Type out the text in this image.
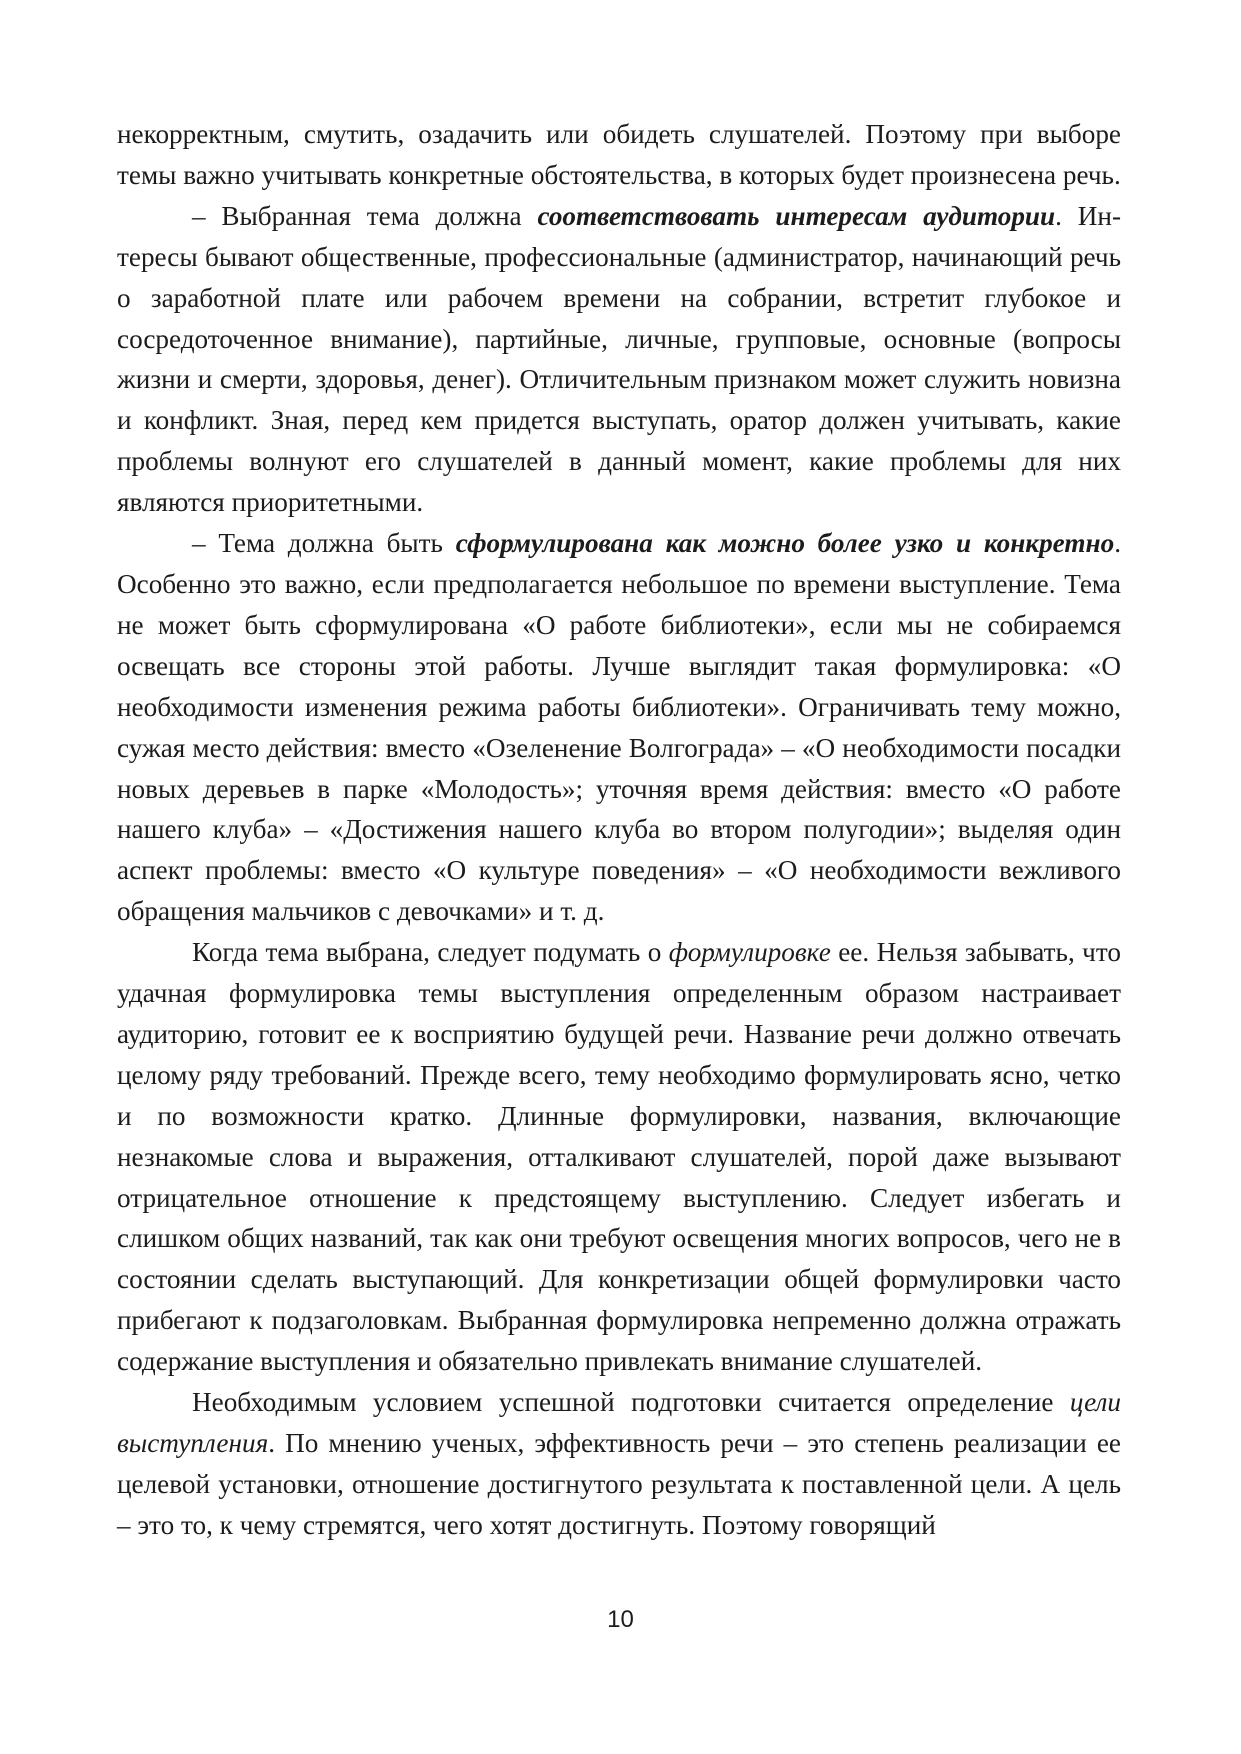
некорректным, смутить, озадачить или обидеть слушателей. Поэтому при выборе темы важно учитывать конкретные обстоятельства, в которых будет произнесена речь.

– Выбранная тема должна соответствовать интересам аудитории. Интересы бывают общественные, профессиональные (администратор, начинающий речь о заработной плате или рабочем времени на собрании, встретит глубокое и сосредоточенное внимание), партийные, личные, групповые, основные (вопросы жизни и смерти, здоровья, денег). Отличительным признаком может служить новизна и конфликт. Зная, перед кем придется выступать, оратор должен учитывать, какие проблемы волнуют его слушателей в данный момент, какие проблемы для них являются приоритетными.

– Тема должна быть сформулирована как можно более узко и конкретно. Особенно это важно, если предполагается небольшое по времени выступление. Тема не может быть сформулирована «О работе библиотеки», если мы не собираемся освещать все стороны этой работы. Лучше выглядит такая формулировка: «О необходимости изменения режима работы библиотеки». Ограничивать тему можно, сужая место действия: вместо «Озеленение Волгограда» – «О необходимости посадки новых деревьев в парке «Молодость»; уточняя время действия: вместо «О работе нашего клуба» – «Достижения нашего клуба во втором полугодии»; выделяя один аспект проблемы: вместо «О культуре поведения» – «О необходимости вежливого обращения мальчиков с девочками» и т. д.

Когда тема выбрана, следует подумать о формулировке ее. Нельзя забывать, что удачная формулировка темы выступления определенным образом настраивает аудиторию, готовит ее к восприятию будущей речи. Название речи должно отвечать целому ряду требований. Прежде всего, тему необходимо формулировать ясно, четко и по возможности кратко. Длинные формулировки, названия, включающие незнакомые слова и выражения, отталкивают слушателей, порой даже вызывают отрицательное отношение к предстоящему выступлению. Следует избегать и слишком общих названий, так как они требуют освещения многих вопросов, чего не в состоянии сделать выступающий. Для конкретизации общей формулировки часто прибегают к подзаголовкам. Выбранная формулировка непременно должна отражать содержание выступления и обязательно привлекать внимание слушателей.

Необходимым условием успешной подготовки считается определение цели выступления. По мнению ученых, эффективность речи – это степень реализации ее целевой установки, отношение достигнутого результата к поставленной цели. А цель – это то, к чему стремятся, чего хотят достигнуть. Поэтому говорящий

10
